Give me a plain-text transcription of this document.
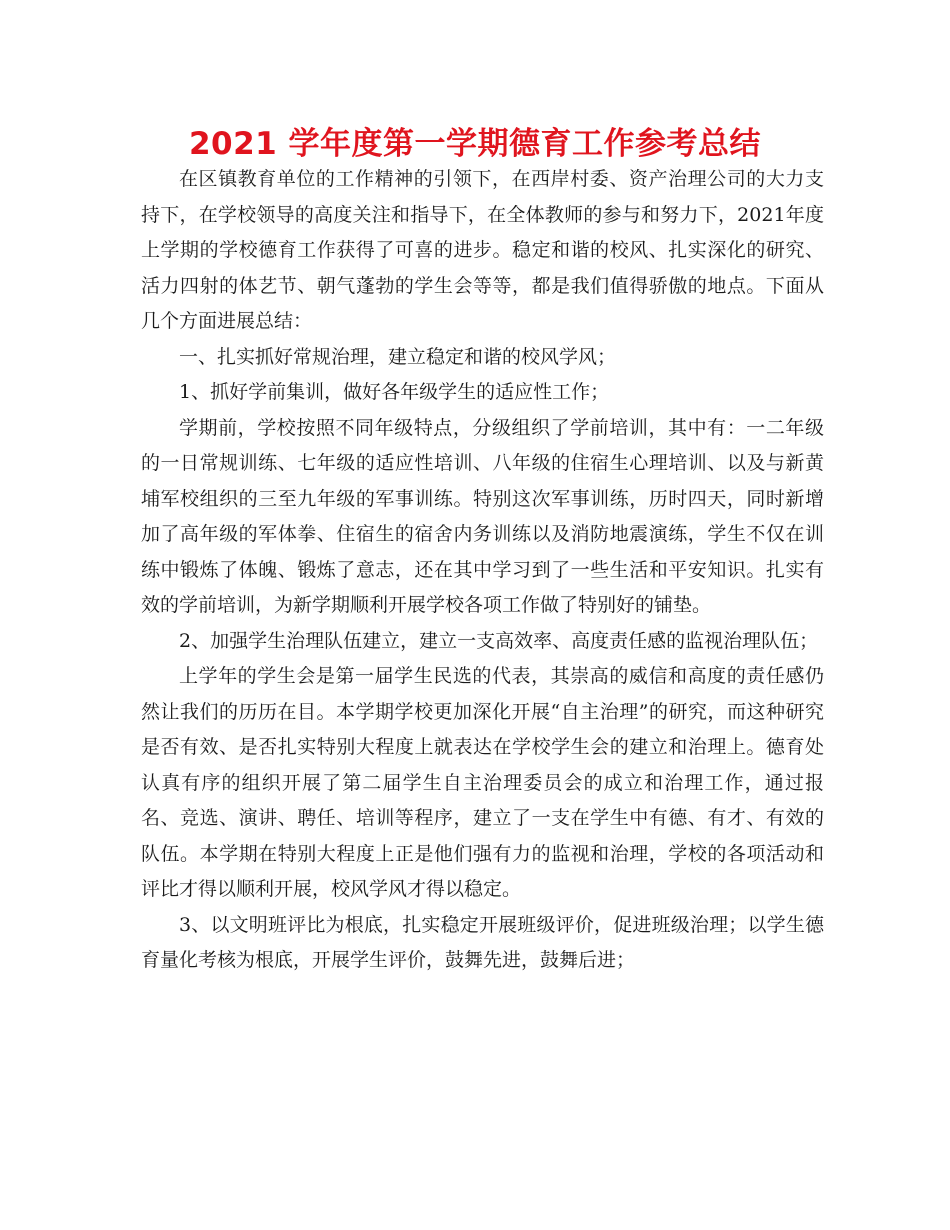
2021 学年度第一学期德育工作参考总结

在区镇教育单位的工作精神的引领下，在西岸村委、资产治理公司的大力支持下，在学校领导的高度关注和指导下，在全体教师的参与和努力下，2021年度上学期的学校德育工作获得了可喜的进步。稳定和谐的校风、扎实深化的研究、活力四射的体艺节、朝气蓬勃的学生会等等，都是我们值得骄傲的地点。下面从几个方面进展总结：

一、扎实抓好常规治理，建立稳定和谐的校风学风；

1、抓好学前集训，做好各年级学生的适应性工作；

学期前，学校按照不同年级特点，分级组织了学前培训，其中有：一二年级的一日常规训练、七年级的适应性培训、八年级的住宿生心理培训、以及与新黄埔军校组织的三至九年级的军事训练。特别这次军事训练，历时四天，同时新增加了高年级的军体拳、住宿生的宿舍内务训练以及消防地震演练，学生不仅在训练中锻炼了体魄、锻炼了意志，还在其中学习到了一些生活和平安知识。扎实有效的学前培训，为新学期顺利开展学校各项工作做了特别好的铺垫。

2、加强学生治理队伍建立，建立一支高效率、高度责任感的监视治理队伍；

上学年的学生会是第一届学生民选的代表，其崇高的威信和高度的责任感仍然让我们的历历在目。本学期学校更加深化开展“自主治理”的研究，而这种研究是否有效、是否扎实特别大程度上就表达在学校学生会的建立和治理上。德育处认真有序的组织开展了第二届学生自主治理委员会的成立和治理工作，通过报名、竞选、演讲、聘任、培训等程序，建立了一支在学生中有德、有才、有效的队伍。本学期在特别大程度上正是他们强有力的监视和治理，学校的各项活动和评比才得以顺利开展，校风学风才得以稳定。

3、以文明班评比为根底，扎实稳定开展班级评价，促进班级治理；以学生德育量化考核为根底，开展学生评价，鼓舞先进，鼓舞后进；
